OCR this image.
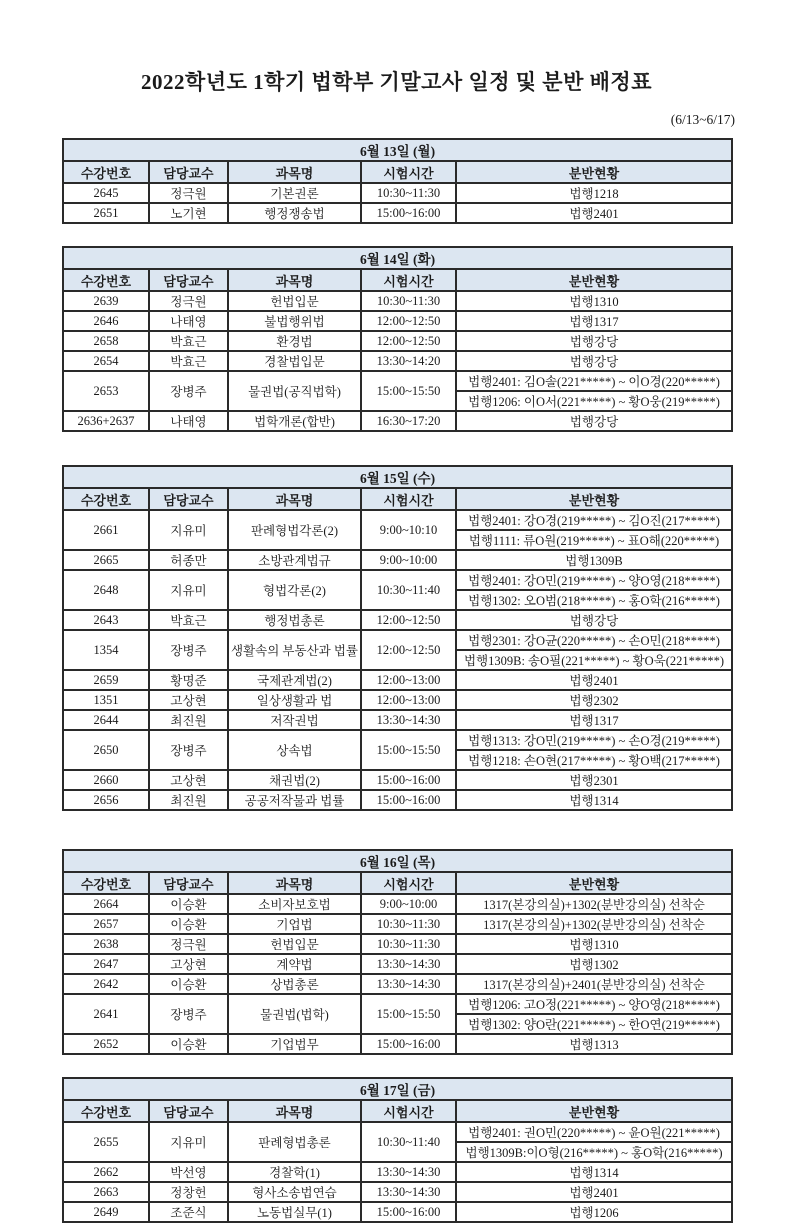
2022학년도 1학기 법학부 기말고사 일정 및 분반 배정표
(6/13~6/17)
6월 13일 (월)				
수강번호	담당교수	과목명	시험시간	분반현황
2645	정극원	기본권론	10:30~11:30	법행1218
2651	노기현	행정쟁송법	15:00~16:00	법행2401
6월 14일 (화)				
수강번호	담당교수	과목명	시험시간	분반현황
2639	정극원	헌법입문	10:30~11:30	법행1310
2646	나태영	불법행위법	12:00~12:50	법행1317
2658	박효근	환경법	12:00~12:50	법행강당
2654	박효근	경찰법입문	13:30~14:20	법행강당
2653	장병주	물권법(공직법학)	15:00~15:50	법행2401: 김O솔(221*****) ~ 이O경(220*****)
				법행1206: 이O서(221*****) ~ 황O웅(219*****)
2636+2637	나태영	법학개론(합반)	16:30~17:20	법행강당
6월 15일 (수)				
수강번호	담당교수	과목명	시험시간	분반현황
2661	지유미	판례형법각론(2)	9:00~10:10	법행2401: 강O경(219*****) ~ 김O진(217*****)
				법행1111: 류O원(219*****) ~ 표O해(220*****)
2665	허종만	소방관계법규	9:00~10:00	법행1309B
2648	지유미	형법각론(2)	10:30~11:40	법행2401: 강O민(219*****) ~ 양O영(218*****)
				법행1302: 오O범(218*****) ~ 홍O학(216*****)
2643	박효근	행정법총론	12:00~12:50	법행강당
1354	장병주	생활속의 부동산과 법률	12:00~12:50	법행2301: 강O균(220*****) ~ 손O민(218*****)
				법행1309B: 송O필(221*****) ~ 황O욱(221*****)
2659	황명준	국제관계법(2)	12:00~13:00	법행2401
1351	고상현	일상생활과 법	12:00~13:00	법행2302
2644	최진원	저작권법	13:30~14:30	법행1317
2650	장병주	상속법	15:00~15:50	법행1313: 강O민(219*****) ~ 손O경(219*****)
				법행1218: 손O현(217*****) ~ 황O백(217*****)
2660	고상현	채권법(2)	15:00~16:00	법행2301
2656	최진원	공공저작물과 법률	15:00~16:00	법행1314
6월 16일 (목)				
수강번호	담당교수	과목명	시험시간	분반현황
2664	이승환	소비자보호법	9:00~10:00	1317(본강의실)+1302(분반강의실) 선착순
2657	이승환	기업법	10:30~11:30	1317(본강의실)+1302(분반강의실) 선착순
2638	정극원	헌법입문	10:30~11:30	법행1310
2647	고상현	계약법	13:30~14:30	법행1302
2642	이승환	상법총론	13:30~14:30	1317(본강의실)+2401(분반강의실) 선착순
2641	장병주	물권법(법학)	15:00~15:50	법행1206: 고O정(221*****) ~ 양O영(218*****)
				법행1302: 양O란(221*****) ~ 한O연(219*****)
2652	이승환	기업법무	15:00~16:00	법행1313
6월 17일 (금)				
수강번호	담당교수	과목명	시험시간	분반현황
2655	지유미	판례형법총론	10:30~11:40	법행2401: 권O민(220*****) ~ 윤O원(221*****)
				법행1309B:이O형(216*****) ~ 홍O학(216*****)
2662	박선영	경찰학(1)	13:30~14:30	법행1314
2663	정창헌	형사소송법연습	13:30~14:30	법행2401
2649	조준식	노동법실무(1)	15:00~16:00	법행1206
